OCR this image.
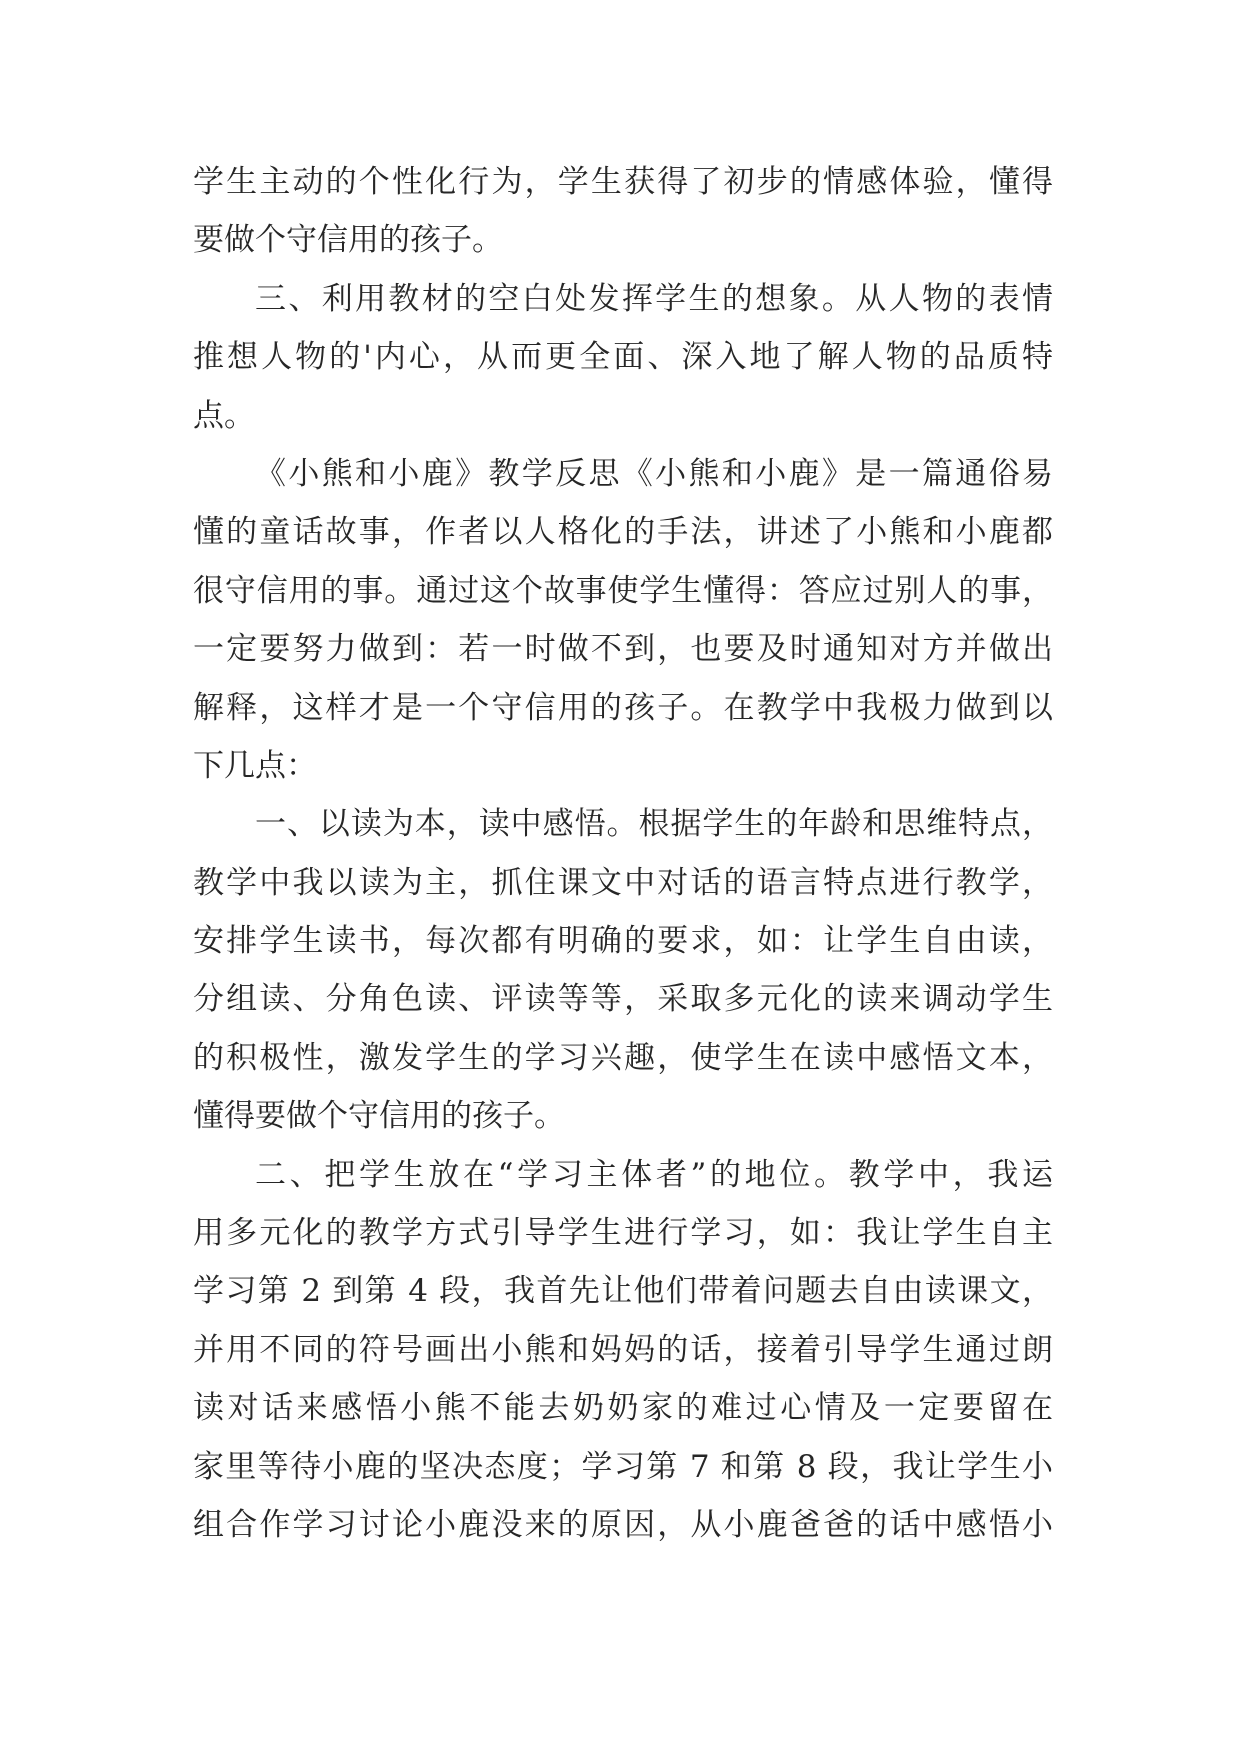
学生主动的个性化行为，学生获得了初步的情感体验，懂得
要做个守信用的孩子。
三、利用教材的空白处发挥学生的想象。从人物的表情
推想人物的'内心，从而更全面、深入地了解人物的品质特
点。
《小熊和小鹿》教学反思《小熊和小鹿》是一篇通俗易
懂的童话故事，作者以人格化的手法，讲述了小熊和小鹿都
很守信用的事。通过这个故事使学生懂得：答应过别人的事，
一定要努力做到：若一时做不到，也要及时通知对方并做出
解释，这样才是一个守信用的孩子。在教学中我极力做到以
下几点：
一、以读为本，读中感悟。根据学生的年龄和思维特点，
教学中我以读为主，抓住课文中对话的语言特点进行教学，
安排学生读书，每次都有明确的要求，如：让学生自由读，
分组读、分角色读、评读等等，采取多元化的读来调动学生
的积极性，激发学生的学习兴趣，使学生在读中感悟文本，
懂得要做个守信用的孩子。
二、把学生放在“学习主体者”的地位。教学中，我运
用多元化的教学方式引导学生进行学习，如：我让学生自主
学习第 2 到第 4 段，我首先让他们带着问题去自由读课文，
并用不同的符号画出小熊和妈妈的话，接着引导学生通过朗
读对话来感悟小熊不能去奶奶家的难过心情及一定要留在
家里等待小鹿的坚决态度；学习第 7 和第 8 段，我让学生小
组合作学习讨论小鹿没来的原因，从小鹿爸爸的话中感悟小
